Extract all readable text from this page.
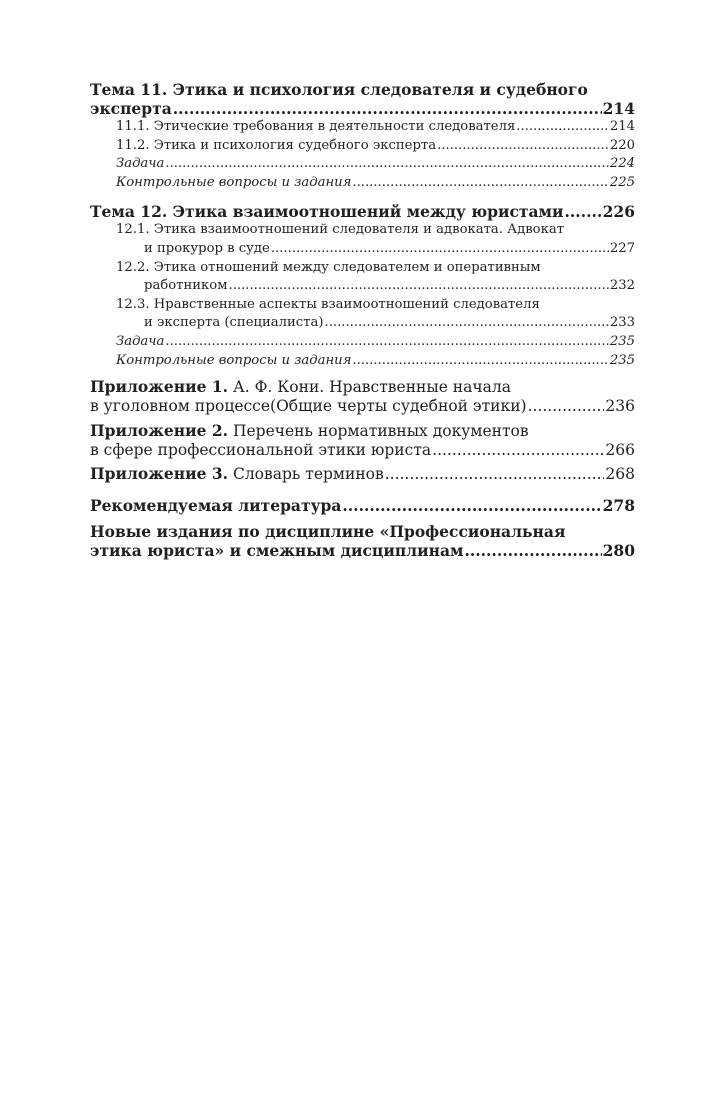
Тема 11. Этика и психология следователя и судебного
эксперта .....	214
11.1. Этические требования в деятельности следователя .....	214
11.2. Этика и психология судебного эксперта .....	220
Задача .....	224
Контрольные вопросы и задания .....	225
Тема 12. Этика взаимоотношений между юристами .....	226
12.1. Этика взаимоотношений следователя и адвоката. Адвокат
и прокурор в суде .....	227
12.2. Этика отношений между следователем и оперативным
работником .....	232
12.3. Нравственные аспекты взаимоотношений следователя
и эксперта (специалиста) .....	233
Задача .....	235
Контрольные вопросы и задания .....	235
Приложение 1. А. Ф. Кони. Нравственные начала
в уголовном процессе(Общие черты судебной этики) .....	236
Приложение 2. Перечень нормативных документов
в сфере профессиональной этики юриста .....	266
Приложение 3. Словарь терминов .....	268
Рекомендуемая литература .....	278
Новые издания по дисциплине «Профессиональная
этика юриста» и смежным дисциплинам .....	280
